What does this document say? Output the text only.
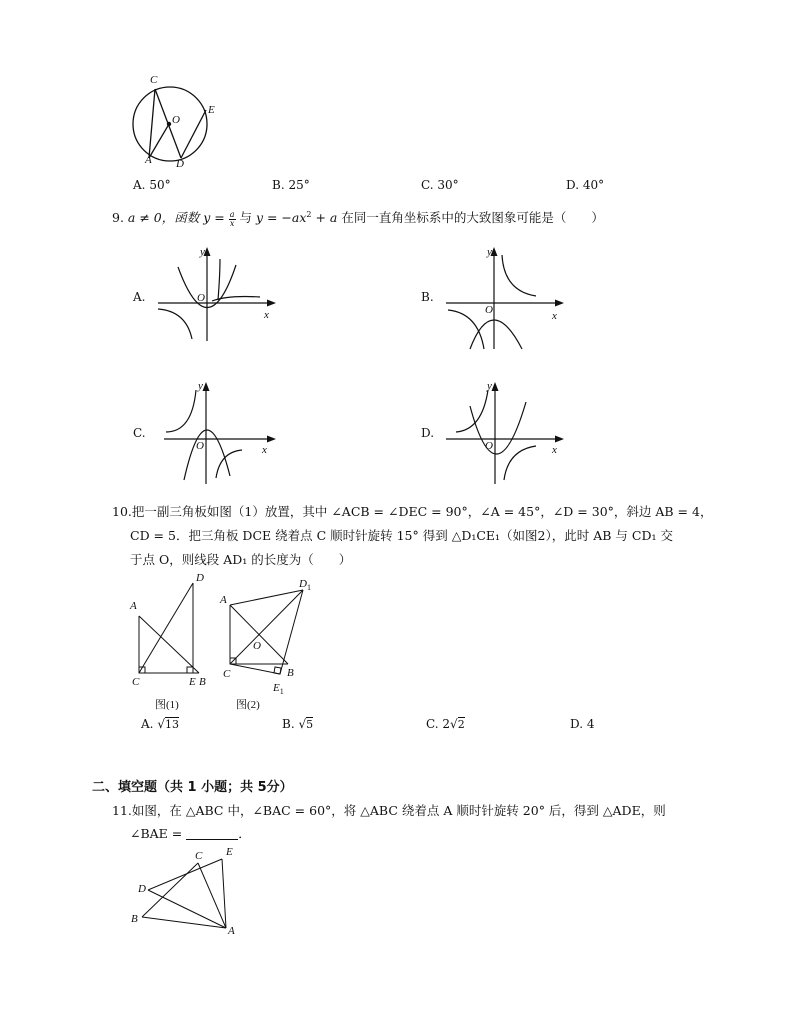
C
O
E
A D
A. 50°	B. 25°	C. 30°	D. 40°
9. a ≠ 0，函数 $y = \frac{a}{x}$ 与 $y = -ax^2 + a$ 在同一直角坐标系中的大致图象可能是（　　）
A.
y
O
x
B.
y
O	x
C.
y
O	x
D.
y
O	x
10.把一副三角板如图（1）放置，其中 ∠ACB = ∠DEC = 90°，∠A = 45°，∠D = 30°，斜边 AB = 4，
CD = 5．把三角板 DCE 绕着点 C 顺时针旋转 15° 得到 △D₁CE₁（如图2），此时 AB 与 CD₁ 交
于点 O，则线段 AD₁ 的长度为（　　）
A
D
C	E B
图(1)
A
$D_1$
O
B
C
$E_1$
图(2)
A. √13	B. √5	C. 2√2	D. 4
二、填空题（共 1 小题；共 5分）
11.如图，在 △ABC 中，∠BAC = 60°，将 △ABC 绕着点 A 顺时针旋转 20° 后，得到 △ADE，则
∠BAE =	．
C E
D
B
A
